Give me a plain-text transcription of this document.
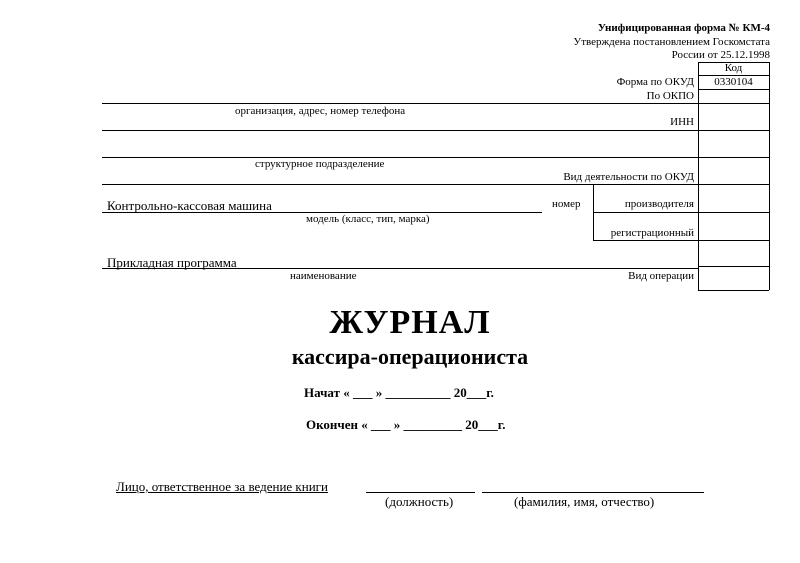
Унифицированная форма № КМ-4
Утверждена постановлением Госкомстата
России от 25.12.1998
Код
0330104
Форма по ОКУД
По ОКПО
ИНН
Вид деятельности по ОКУД
производителя
регистрационный
номер
Вид операции
организация, адрес, номер телефона
структурное подразделение
Контрольно-кассовая машина
модель (класс, тип, марка)
Прикладная программа
наименование
ЖУРНАЛ
кассира-операциониста
Начат « ___ » __________ 20___г.
Окончен « ___ » _________ 20___г.
Лицо, ответственное за ведение книги
(должность)	(фамилия, имя, отчество)
